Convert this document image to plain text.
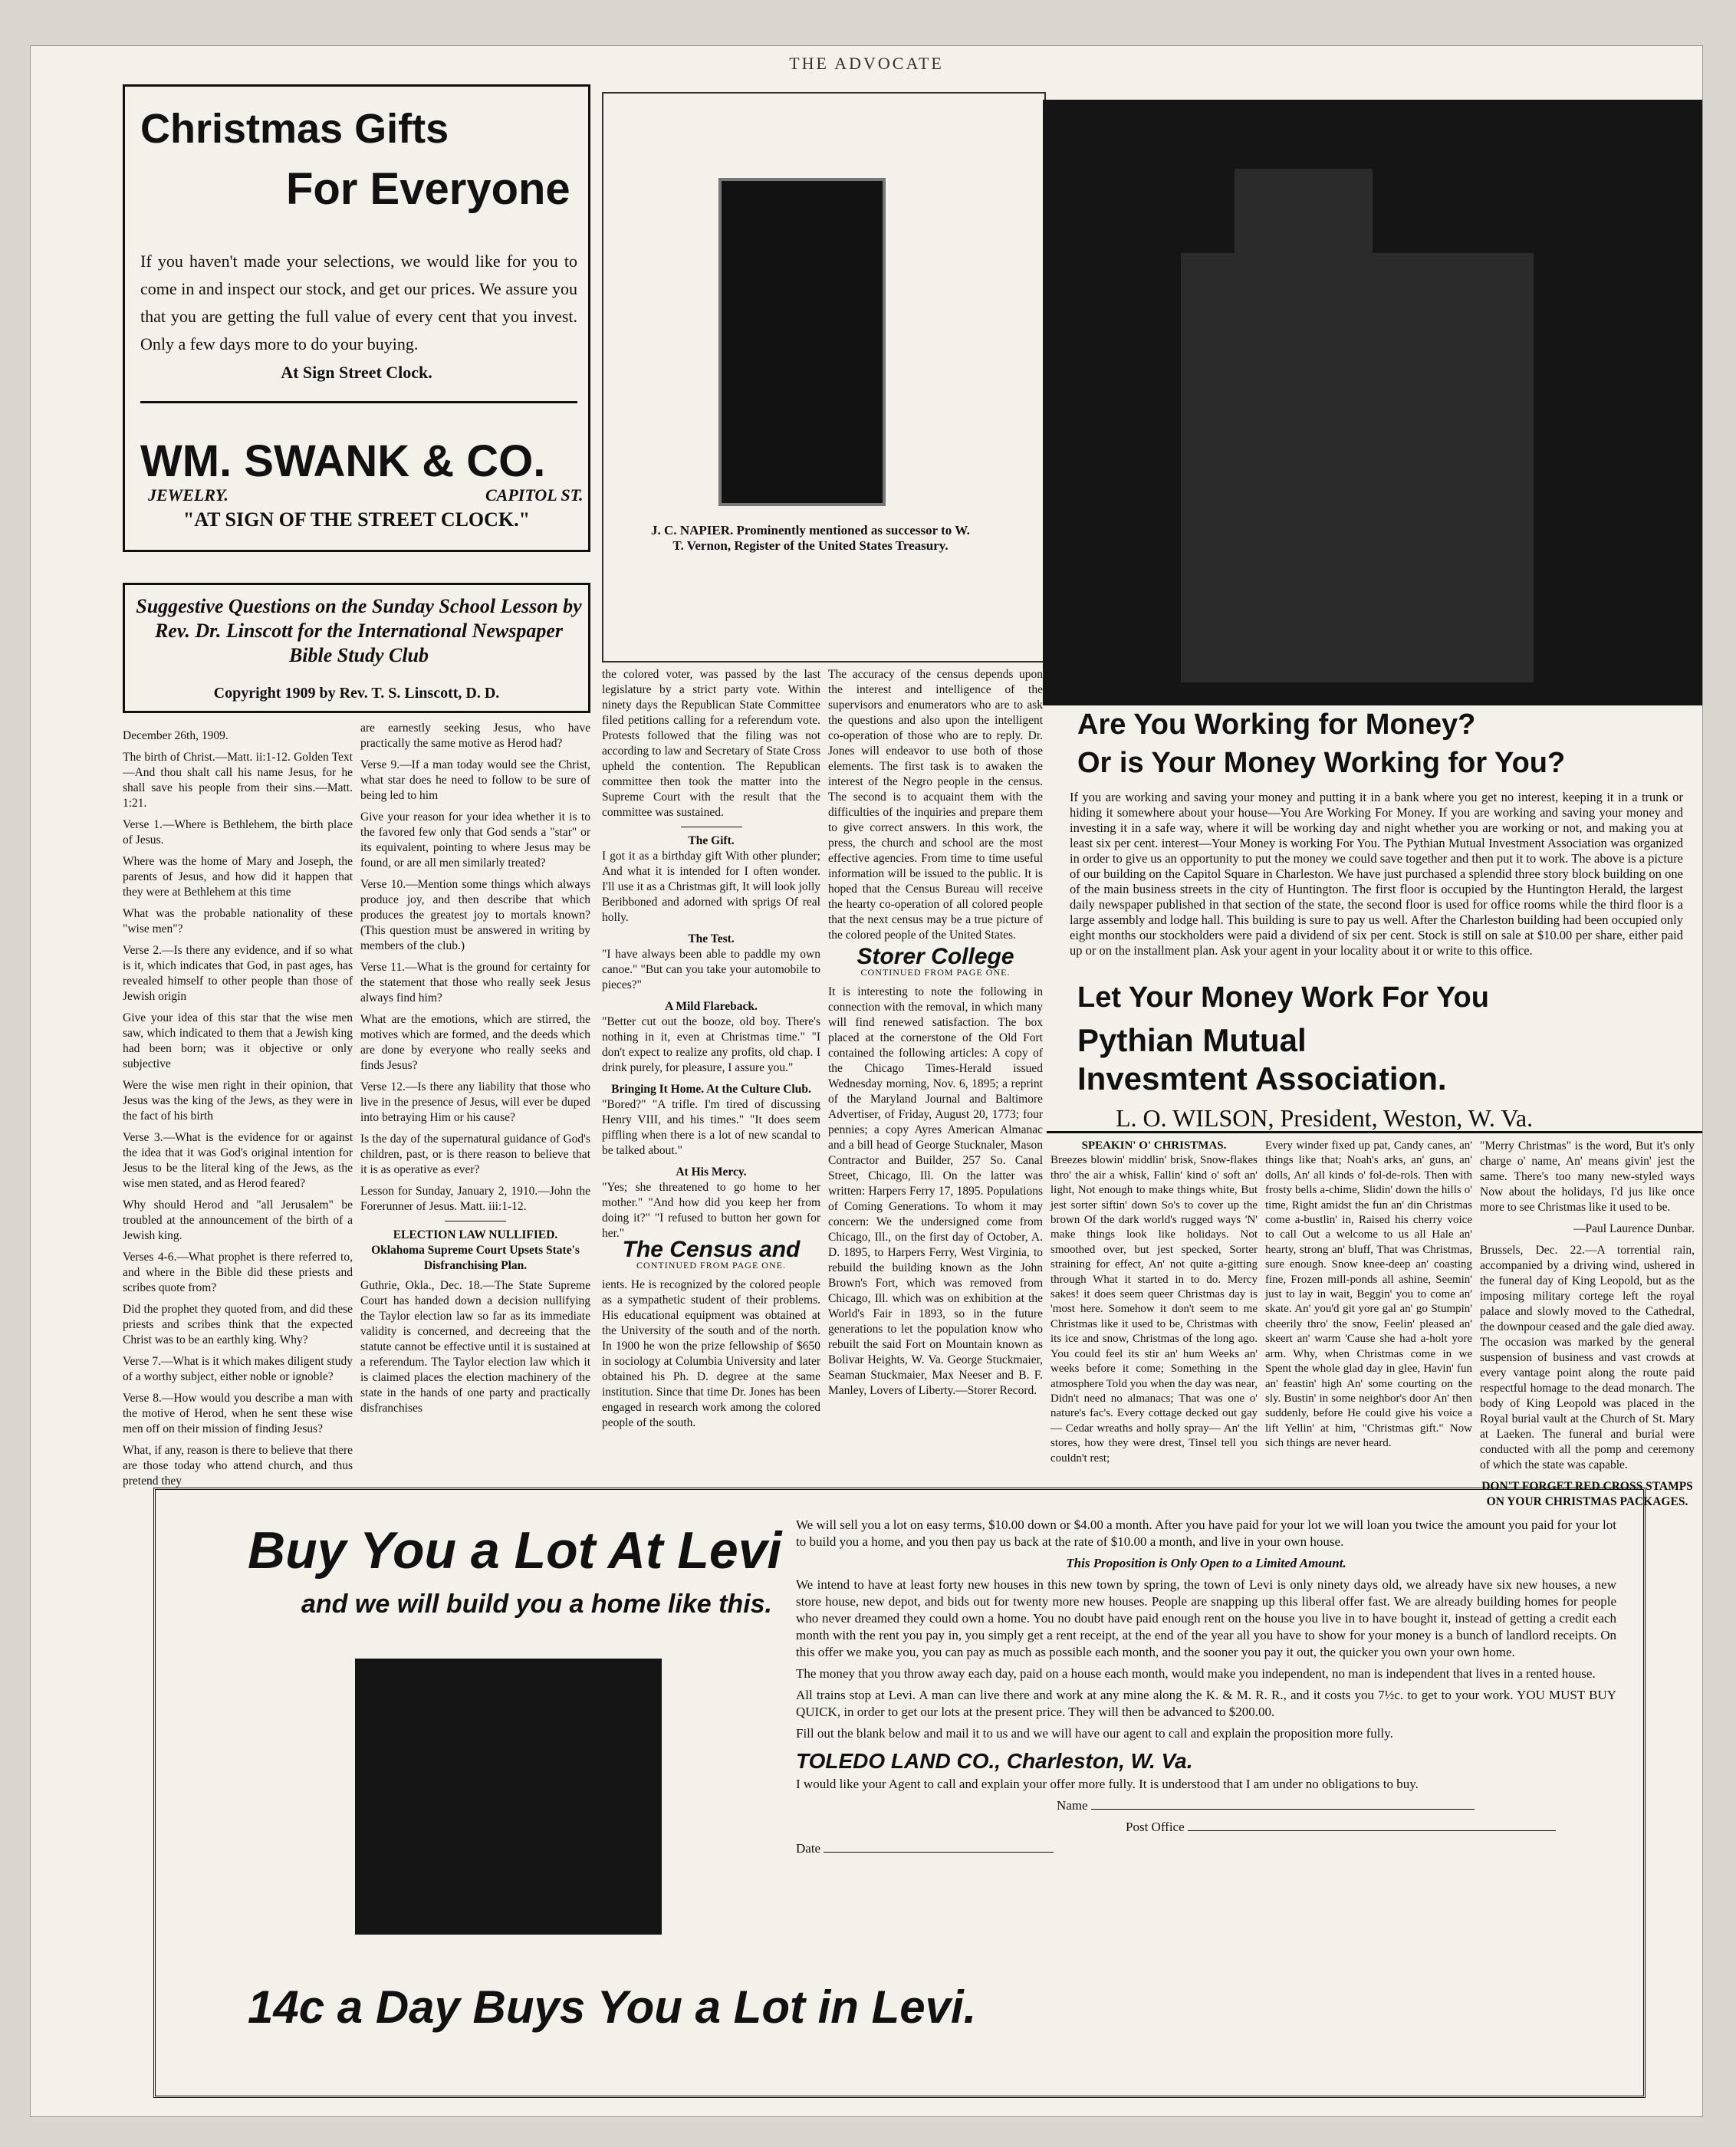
THE ADVOCATE
Christmas Gifts
For Everyone
If you haven't made your selections, we would like for you to come in and inspect our stock, and get our prices. We assure you that you are getting the full value of every cent that you invest. Only a few days more to do your buying.
At Sign Street Clock.
WM. SWANK & CO.
JEWELRY.	CAPITOL ST.
"AT SIGN OF THE STREET CLOCK."
Suggestive Questions on the Sunday School Lesson by Rev. Dr. Linscott for the International Newspaper Bible Study Club
Copyright 1909 by Rev. T. S. Linscott, D. D.

December 26th, 1909.

The birth of Christ.—Matt. ii:1-12. Golden Text—And thou shalt call his name Jesus, for he shall save his people from their sins.—Matt. 1:21.

Verse 1.—Where is Bethlehem, the birth place of Jesus.

Where was the home of Mary and Joseph, the parents of Jesus, and how did it happen that they were at Bethlehem at this time

What was the probable nationality of these "wise men"?

Verse 2.—Is there any evidence, and if so what is it, which indicates that God, in past ages, has revealed himself to other people than those of Jewish origin

Give your idea of this star that the wise men saw, which indicated to them that a Jewish king had been born; was it objective or only subjective

Were the wise men right in their opinion, that Jesus was the king of the Jews, as they were in the fact of his birth

Verse 3.—What is the evidence for or against the idea that it was God's original intention for Jesus to be the literal king of the Jews, as the wise men stated, and as Herod feared?

Why should Herod and "all Jerusalem" be troubled at the announcement of the birth of a Jewish king.

Verses 4-6.—What prophet is there referred to, and where in the Bible did these priests and scribes quote from?

Did the prophet they quoted from, and did these priests and scribes think that the expected Christ was to be an earthly king. Why?

Verse 7.—What is it which makes diligent study of a worthy subject, either noble or ignoble?

Verse 8.—How would you describe a man with the motive of Herod, when he sent these wise men off on their mission of finding Jesus?

What, if any, reason is there to believe that there are those today who attend church, and thus pretend they

are earnestly seeking Jesus, who have practically the same motive as Herod had?

Verse 9.—If a man today would see the Christ, what star does he need to follow to be sure of being led to him

Give your reason for your idea whether it is to the favored few only that God sends a "star" or its equivalent, pointing to where Jesus may be found, or are all men similarly treated?

Verse 10.—Mention some things which always produce joy, and then describe that which produces the greatest joy to mortals known? (This question must be answered in writing by members of the club.)

Verse 11.—What is the ground for certainty for the statement that those who really seek Jesus always find him?

What are the emotions, which are stirred, the motives which are formed, and the deeds which are done by everyone who really seeks and finds Jesus?

Verse 12.—Is there any liability that those who live in the presence of Jesus, will ever be duped into betraying Him or his cause?

Is the day of the supernatural guidance of God's children, past, or is there reason to believe that it is as operative as ever?

Lesson for Sunday, January 2, 1910.—John the Forerunner of Jesus. Matt. iii:1-12.

ELECTION LAW NULLIFIED.
Oklahoma Supreme Court Upsets State's Disfranchising Plan.

Guthrie, Okla., Dec. 18.—The State Supreme Court has handed down a decision nullifying the Taylor election law so far as its immediate validity is concerned, and decreeing that the statute cannot be effective until it is sustained at a referendum. The Taylor election law which it is claimed places the election machinery of the state in the hands of one party and practically disfranchises

J. C. NAPIER. Prominently mentioned as successor to W. T. Vernon, Register of the United States Treasury.

the colored voter, was passed by the last legislature by a strict party vote. Within ninety days the Republican State Committee filed petitions calling for a referendum vote. Protests followed that the filing was not according to law and Secretary of State Cross upheld the contention. The Republican committee then took the matter into the Supreme Court with the result that the committee was sustained.

The Gift.

I got it as a birthday gift With other plunder; And what it is intended for I often wonder. I'll use it as a Christmas gift, It will look jolly Beribboned and adorned with sprigs Of real holly.

The Test.

"I have always been able to paddle my own canoe." "But can you take your automobile to pieces?"

A Mild Flareback.

"Better cut out the booze, old boy. There's nothing in it, even at Christmas time." "I don't expect to realize any profits, old chap. I drink purely, for pleasure, I assure you."

Bringing It Home. At the Culture Club.

"Bored?" "A trifle. I'm tired of discussing Henry VIII, and his times." "It does seem piffling when there is a lot of new scandal to be talked about."

At His Mercy.

"Yes; she threatened to go home to her mother." "And how did you keep her from doing it?" "I refused to button her gown for her."

The accuracy of the census depends upon the interest and intelligence of the supervisors and enumerators who are to ask the questions and also upon the intelligent co-operation of those who are to reply. Dr. Jones will endeavor to use both of those elements. The first task is to awaken the interest of the Negro people in the census. The second is to acquaint them with the difficulties of the inquiries and prepare them to give correct answers. In this work, the press, the church and school are the most effective agencies. From time to time useful information will be issued to the public. It is hoped that the Census Bureau will receive the hearty co-operation of all colored people that the next census may be a true picture of the colored people of the United States.

Storer College
CONTINUED FROM PAGE ONE.

It is interesting to note the following in connection with the removal, in which many will find renewed satisfaction. The box placed at the cornerstone of the Old Fort contained the following articles: A copy of the Chicago Times-Herald issued Wednesday morning, Nov. 6, 1895; a reprint of the Maryland Journal and Baltimore Advertiser, of Friday, August 20, 1773; four pennies; a copy Ayres American Almanac and a bill head of George Stucknaler, Mason Contractor and Builder, 257 So. Canal Street, Chicago, Ill. On the latter was written: Harpers Ferry 17, 1895. Populations of Coming Generations. To whom it may concern: We the undersigned come from Chicago, Ill., on the first day of October, A. D. 1895, to Harpers Ferry, West Virginia, to rebuild the building known as the John Brown's Fort, which was removed from Chicago, Ill. which was on exhibition at the World's Fair in 1893, so in the future generations to let the population know who rebuilt the said Fort on Mountain known as Bolivar Heights, W. Va. George Stuckmaier, Seaman Stuckmaier, Max Neeser and B. F. Manley, Lovers of Liberty.—Storer Record.

The Census and
CONTINUED FROM PAGE ONE.

ients. He is recognized by the colored people as a sympathetic student of their problems. His educational equipment was obtained at the University of the south and of the north. In 1900 he won the prize fellowship of $650 in sociology at Columbia University and later obtained his Ph. D. degree at the same institution. Since that time Dr. Jones has been engaged in research work among the colored people of the south.

Are You Working for Money?
Or is Your Money Working for You?
If you are working and saving your money and putting it in a bank where you get no interest, keeping it in a trunk or hiding it somewhere about your house—You Are Working For Money. If you are working and saving your money and investing it in a safe way, where it will be working day and night whether you are working or not, and making you at least six per cent. interest—Your Money is working For You. The Pythian Mutual Investment Association was organized in order to give us an opportunity to put the money we could save together and then put it to work. The above is a picture of our building on the Capitol Square in Charleston. We have just purchased a splendid three story block building on one of the main business streets in the city of Huntington. The first floor is occupied by the Huntington Herald, the largest daily newspaper published in that section of the state, the second floor is used for office rooms while the third floor is a large assembly and lodge hall. This building is sure to pay us well. After the Charleston building had been occupied only eight months our stockholders were paid a dividend of six per cent. Stock is still on sale at $10.00 per share, either paid up or on the installment plan. Ask your agent in your locality about it or write to this office.
Let Your Money Work For You
Pythian Mutual
Invesmtent Association.
L. O. WILSON, President, Weston, W. Va.
SPEAKIN' O' CHRISTMAS.

Breezes blowin' middlin' brisk, Snow-flakes thro' the air a whisk, Fallin' kind o' soft an' light, Not enough to make things white, But jest sorter siftin' down So's to cover up the brown Of the dark world's rugged ways 'N' make things look like holidays. Not smoothed over, but jest specked, Sorter straining for effect, An' not quite a-gitting through What it started in to do. Mercy sakes! it does seem queer Christmas day is 'most here. Somehow it don't seem to me Christmas like it used to be, Christmas with its ice and snow, Christmas of the long ago. You could feel its stir an' hum Weeks an' weeks before it come; Something in the atmosphere Told you when the day was near, Didn't need no almanacs; That was one o' nature's fac's. Every cottage decked out gay— Cedar wreaths and holly spray— An' the stores, how they were drest, Tinsel tell you couldn't rest;

Every winder fixed up pat, Candy canes, an' things like that; Noah's arks, an' guns, an' dolls, An' all kinds o' fol-de-rols. Then with frosty bells a-chime, Slidin' down the hills o' time, Right amidst the fun an' din Christmas come a-bustlin' in, Raised his cherry voice to call Out a welcome to us all Hale an' hearty, strong an' bluff, That was Christmas, sure enough. Snow knee-deep an' coasting fine, Frozen mill-ponds all ashine, Seemin' just to lay in wait, Beggin' you to come an' skate. An' you'd git yore gal an' go Stumpin' cheerily thro' the snow, Feelin' pleased an' skeert an' warm 'Cause she had a-holt yore arm. Why, when Christmas come in we Spent the whole glad day in glee, Havin' fun an' feastin' high An' some courting on the sly. Bustin' in some neighbor's door An' then suddenly, before He could give his voice a lift Yellin' at him, "Christmas gift." Now sich things are never heard.

"Merry Christmas" is the word, But it's only charge o' name, An' means givin' jest the same. There's too many new-styled ways Now about the holidays, I'd jus like once more to see Christmas like it used to be.

—Paul Laurence Dunbar.

Brussels, Dec. 22.—A torrential rain, accompanied by a driving wind, ushered in the funeral day of King Leopold, but as the imposing military cortege left the royal palace and slowly moved to the Cathedral, the downpour ceased and the gale died away. The occasion was marked by the general suspension of business and vast crowds at every vantage point along the route paid respectful homage to the dead monarch. The body of King Leopold was placed in the Royal burial vault at the Church of St. Mary at Laeken. The funeral and burial were conducted with all the pomp and ceremony of which the state was capable.

DON'T FORGET RED CROSS STAMPS ON YOUR CHRISTMAS PACKAGES.

Buy You a Lot At Levi
and we will build you a home like this.
14c a Day Buys You a Lot in Levi.

We will sell you a lot on easy terms, $10.00 down or $4.00 a month. After you have paid for your lot we will loan you twice the amount you paid for your lot to build you a home, and you then pay us back at the rate of $10.00 a month, and live in your own house.

This Proposition is Only Open to a Limited Amount.

We intend to have at least forty new houses in this new town by spring, the town of Levi is only ninety days old, we already have six new houses, a new store house, new depot, and bids out for twenty more new houses. People are snapping up this liberal offer fast. We are already building homes for people who never dreamed they could own a home. You no doubt have paid enough rent on the house you live in to have bought it, instead of getting a credit each month with the rent you pay in, you simply get a rent receipt, at the end of the year all you have to show for your money is a bunch of landlord receipts. On this offer we make you, you can pay as much as possible each month, and the sooner you pay it out, the quicker you own your own home.

The money that you throw away each day, paid on a house each month, would make you independent, no man is independent that lives in a rented house.

All trains stop at Levi. A man can live there and work at any mine along the K. & M. R. R., and it costs you 7½c. to get to your work. YOU MUST BUY QUICK, in order to get our lots at the present price. They will then be advanced to $200.00.

Fill out the blank below and mail it to us and we will have our agent to call and explain the proposition more fully.

TOLEDO LAND CO., Charleston, W. Va.

I would like your Agent to call and explain your offer more fully. It is understood that I am under no obligations to buy.

Name

Post Office

Date
